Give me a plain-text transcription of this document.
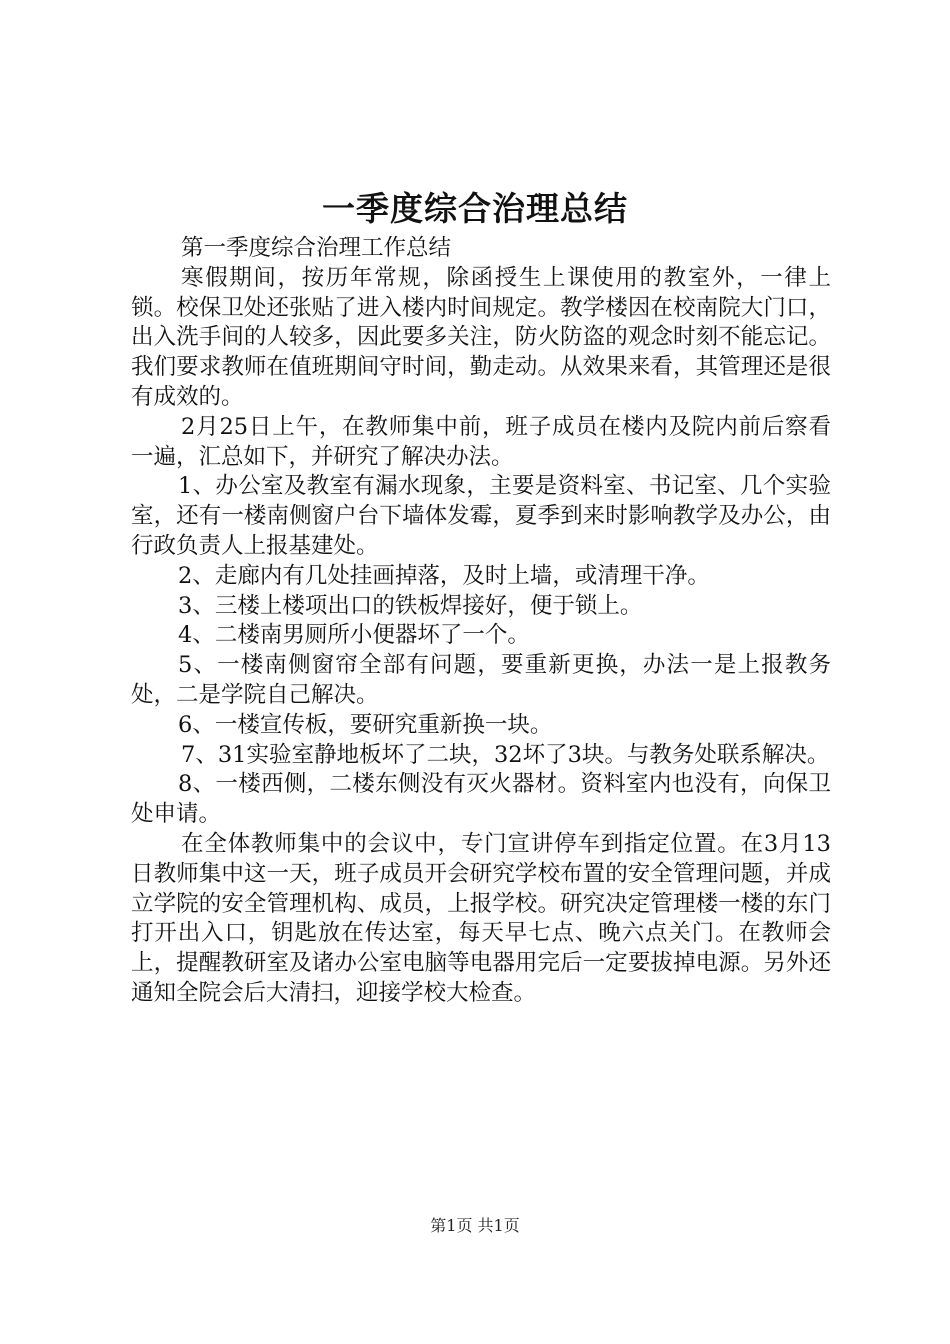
一季度综合治理总结

第一季度综合治理工作总结

寒假期间，按历年常规，除函授生上课使用的教室外，一律上锁。校保卫处还张贴了进入楼内时间规定。教学楼因在校南院大门口，出入洗手间的人较多，因此要多关注，防火防盗的观念时刻不能忘记。我们要求教师在值班期间守时间，勤走动。从效果来看，其管理还是很有成效的。

2月25日上午，在教师集中前，班子成员在楼内及院内前后察看一遍，汇总如下，并研究了解决办法。

1、办公室及教室有漏水现象，主要是资料室、书记室、几个实验室，还有一楼南侧窗户台下墙体发霉，夏季到来时影响教学及办公，由行政负责人上报基建处。

2、走廊内有几处挂画掉落，及时上墙，或清理干净。

3、三楼上楼项出口的铁板焊接好，便于锁上。

4、二楼南男厕所小便器坏了一个。

5、一楼南侧窗帘全部有问题，要重新更换，办法一是上报教务处，二是学院自己解决。

6、一楼宣传板，要研究重新换一块。

7、31实验室静地板坏了二块，32坏了3块。与教务处联系解决。

8、一楼西侧，二楼东侧没有灭火器材。资料室内也没有，向保卫处申请。

在全体教师集中的会议中，专门宣讲停车到指定位置。在3月13日教师集中这一天，班子成员开会研究学校布置的安全管理问题，并成立学院的安全管理机构、成员，上报学校。研究决定管理楼一楼的东门打开出入口，钥匙放在传达室，每天早七点、晚六点关门。在教师会上，提醒教研室及诸办公室电脑等电器用完后一定要拔掉电源。另外还通知全院会后大清扫，迎接学校大检查。

第1页 共1页
